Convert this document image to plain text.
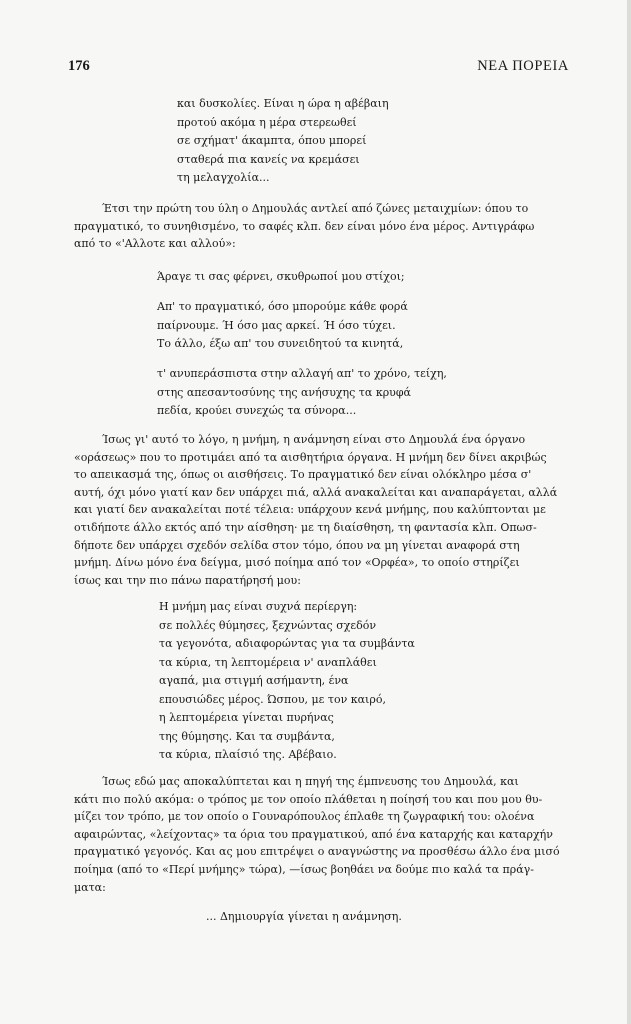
176	ΝΕΑ ΠΟΡΕΙΑ
και δυσκολίες. Είναι η ώρα η αβέβαιη
προτού ακόμα η μέρα στερεωθεί
σε σχήματ' άκαμπτα, όπου μπορεί
σταθερά πια κανείς να κρεμάσει
τη μελαγχολία...
Έτσι την πρώτη του ύλη ο Δημουλάς αντλεί από ζώνες μεταιχμίων: όπου το
πραγματικό, το συνηθισμένο, το σαφές κλπ. δεν είναι μόνο ένα μέρος. Αντιγράφω
από το «'Αλλοτε και αλλού»:
Άραγε τι σας φέρνει, σκυθρωποί μου στίχοι;
Απ' το πραγματικό, όσο μπορούμε κάθε φορά
παίρνουμε. Ή όσο μας αρκεί. Ή όσο τύχει.
Το άλλο, έξω απ' του συνειδητού τα κινητά,
τ' ανυπεράσπιστα στην αλλαγή απ' το χρόνο, τείχη,
στης απεσαντοσύνης της ανήσυχης τα κρυφά
πεδία, κρούει συνεχώς τα σύνορα...
Ίσως γι' αυτό το λόγο, η μνήμη, η ανάμνηση είναι στο Δημουλά ένα όργανο
«οράσεως» που το προτιμάει από τα αισθητήρια όργανα. Η μνήμη δεν δίνει ακριβώς
το απεικασμά της, όπως οι αισθήσεις. Το πραγματικό δεν είναι ολόκληρο μέσα σ'
αυτή, όχι μόνο γιατί καν δεν υπάρχει πιά, αλλά ανακαλείται και αναπαράγεται, αλλά
και γιατί δεν ανακαλείται ποτέ τέλεια: υπάρχουν κενά μνήμης, που καλύπτονται με
οτιδήποτε άλλο εκτός από την αίσθηση· με τη διαίσθηση, τη φαντασία κλπ. Οπωσ-
δήποτε δεν υπάρχει σχεδόν σελίδα στον τόμο, όπου να μη γίνεται αναφορά στη
μνήμη. Δίνω μόνο ένα δείγμα, μισό ποίημα από τον «Ορφέα», το οποίο στηρίζει
ίσως και την πιο πάνω παρατήρησή μου:
Η μνήμη μας είναι συχνά περίεργη:
σε πολλές θύμησες, ξεχνώντας σχεδόν
τα γεγονότα, αδιαφορώντας για τα συμβάντα
τα κύρια, τη λεπτομέρεια ν' αναπλάθει
αγαπά, μια στιγμή ασήμαντη, ένα
επουσιώδες μέρος. Ώσπου, με τον καιρό,
η λεπτομέρεια γίνεται πυρήνας
της θύμησης. Και τα συμβάντα,
τα κύρια, πλαίσιό της. Αβέβαιο.
Ίσως εδώ μας αποκαλύπτεται και η πηγή της έμπνευσης του Δημουλά, και
κάτι πιο πολύ ακόμα: ο τρόπος με τον οποίο πλάθεται η ποίησή του και που μου θυ-
μίζει τον τρόπο, με τον οποίο ο Γουναρόπουλος έπλαθε τη ζωγραφική του: ολοένα
αφαιρώντας, «λείχοντας» τα όρια του πραγματικού, από ένα καταρχής και καταρχήν
πραγματικό γεγονός. Και ας μου επιτρέψει ο αναγνώστης να προσθέσω άλλο ένα μισό
ποίημα (από το «Περί μνήμης» τώρα), —ίσως βοηθάει να δούμε πιο καλά τα πράγ-
ματα:
... Δημιουργία γίνεται η ανάμνηση.
